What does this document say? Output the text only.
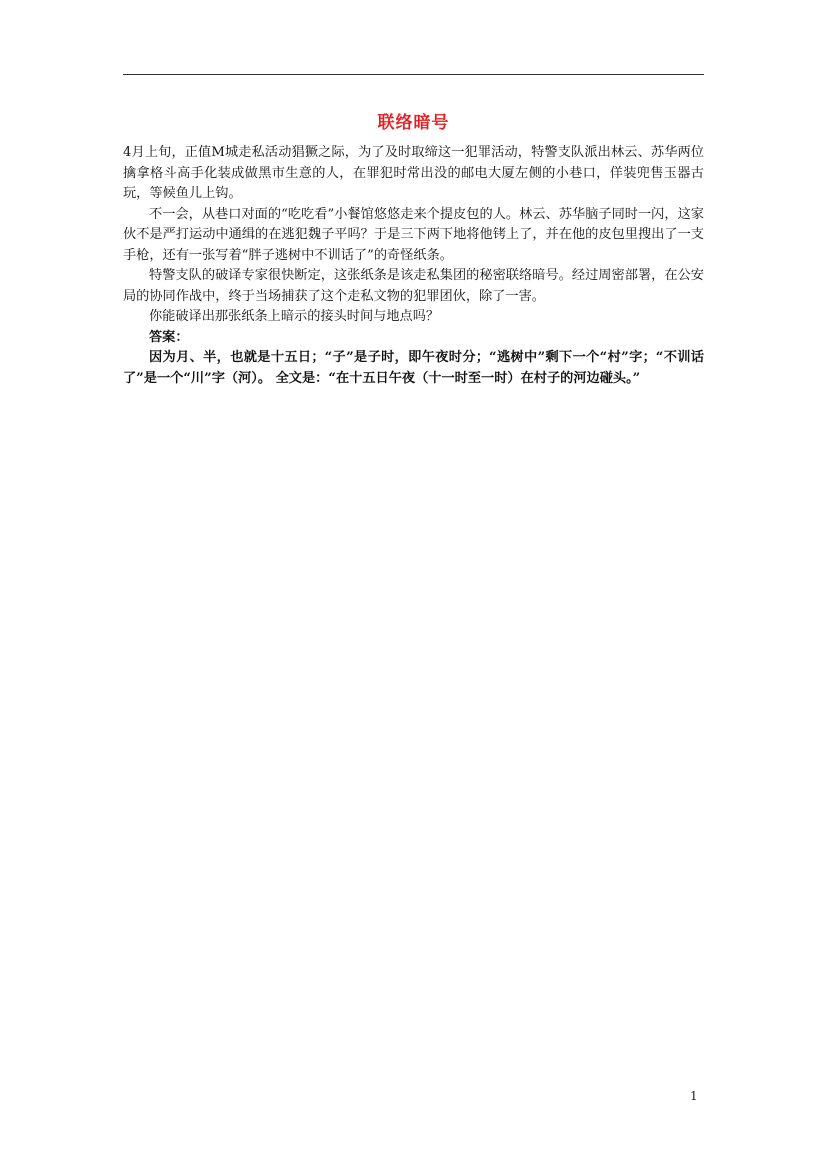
联络暗号

4月上旬，正值M城走私活动猖獗之际，为了及时取缔这一犯罪活动，特警支队派出林云、苏华两位擒拿格斗高手化装成做黑市生意的人，在罪犯时常出没的邮电大厦左侧的小巷口，佯装兜售玉器古玩，等候鱼儿上钩。

不一会，从巷口对面的“吃吃看”小餐馆悠悠走来个提皮包的人。林云、苏华脑子同时一闪，这家伙不是严打运动中通缉的在逃犯魏子平吗？于是三下两下地将他铐上了，并在他的皮包里搜出了一支手枪，还有一张写着“胖子逃树中不训话了”的奇怪纸条。

特警支队的破译专家很快断定，这张纸条是该走私集团的秘密联络暗号。经过周密部署，在公安局的协同作战中，终于当场捕获了这个走私文物的犯罪团伙，除了一害。

你能破译出那张纸条上暗示的接头时间与地点吗？

答案：

因为月、半，也就是十五日；“子”是子时，即午夜时分；“逃树中”剩下一个“村”字；“不训话了”是一个“川”字（河）。 全文是：“在十五日午夜（十一时至一时）在村子的河边碰头。”

1
